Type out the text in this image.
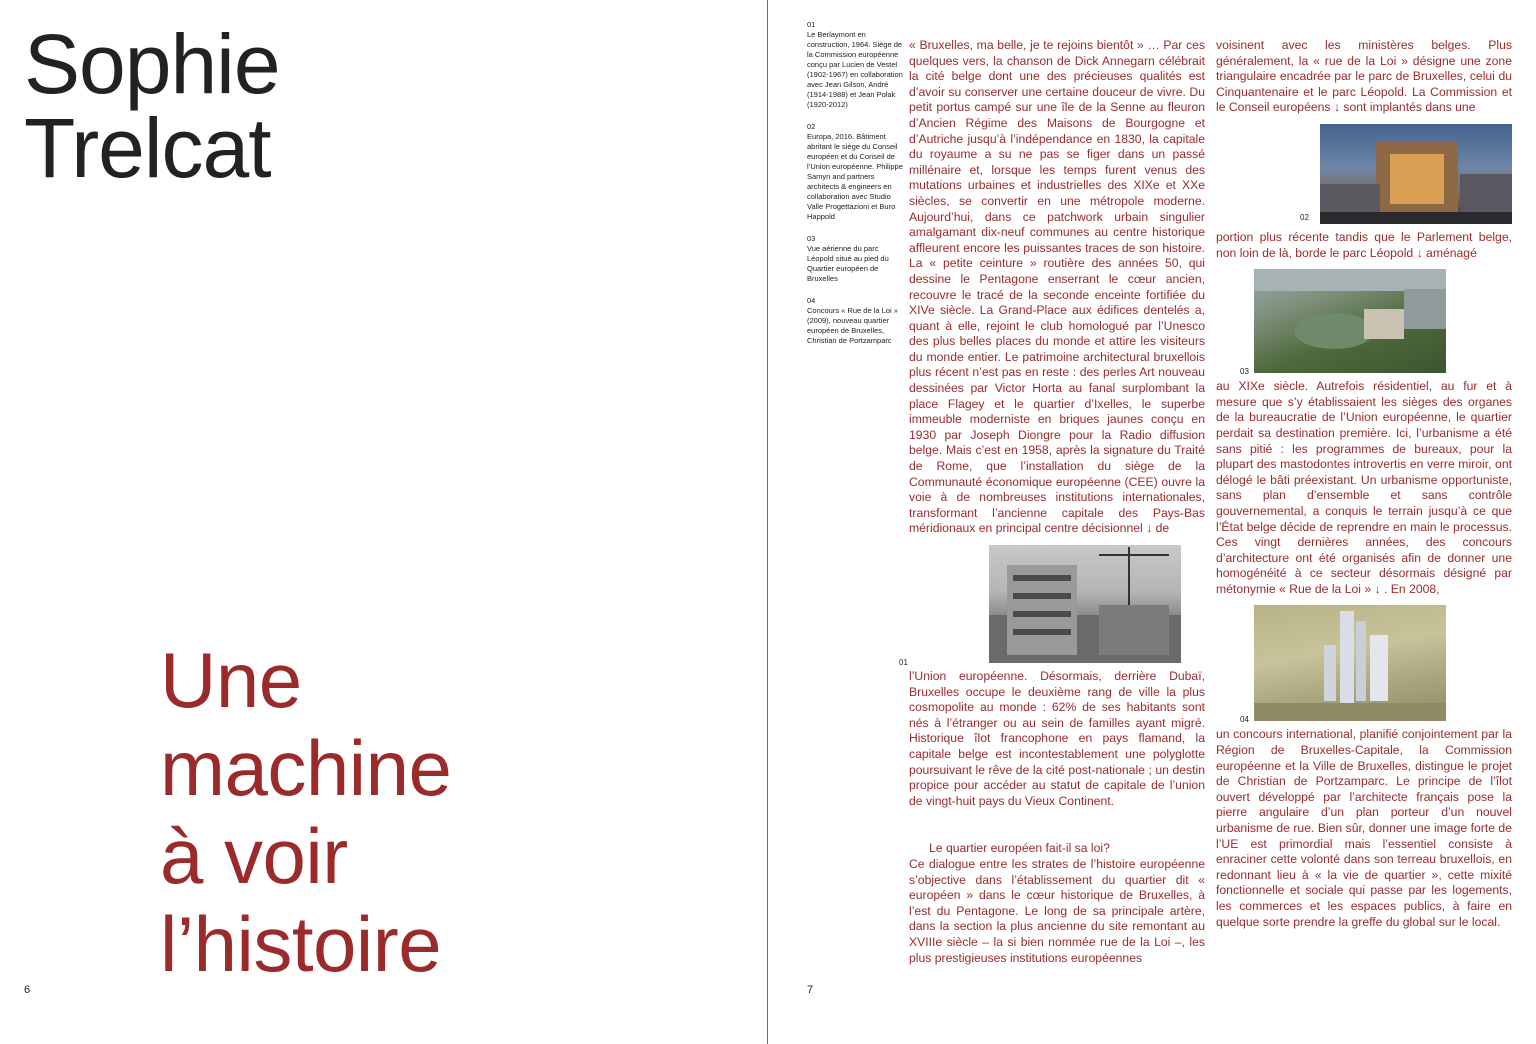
Sophie Trelcat
Une
machine
à voir
l’histoire
6
01
Le Berlaymont en construction, 1964. Siège de la Commission européenne conçu par Lucien de Vestel (1902-1967) en collaboration avec Jean Gilson, André (1914-1988) et Jean Polak (1920-2012)
02
Europa, 2016. Bâtiment abritant le siège du Conseil européen et du Conseil de l’Union européenne. Philippe Samyn and partners architects & engineers en collaboration avec Studio Valle Progettazioni et Buro Happold
03
Vue aérienne du parc Léopold situé au pied du Quartier européen de Bruxelles
04
Concours « Rue de la Loi » (2009), nouveau quartier européen de Bruxelles, Christian de Portzamparc

« Bruxelles, ma belle, je te rejoins bientôt » … Par ces quelques vers, la chanson de Dick Annegarn célébrait la cité belge dont une des précieuses qualités est d’avoir su conserver une certaine douceur de vivre. Du petit portus campé sur une île de la Senne au fleuron d’Ancien Régime des Maisons de Bourgogne et d’Autriche jusqu’à l’indépendance en 1830, la capitale du royaume a su ne pas se figer dans un passé millénaire et, lorsque les temps furent venus des mutations urbaines et industrielles des XIXe et XXe siècles, se convertir en une métropole moderne. Aujourd’hui, dans ce patchwork urbain singulier amalgamant dix-neuf communes au centre historique affleurent encore les puissantes traces de son histoire. La « petite ceinture » routière des années 50, qui dessine le Pentagone enserrant le cœur ancien, recouvre le tracé de la seconde enceinte fortifiée du XIVe siècle. La Grand-Place aux édifices dentelés a, quant à elle, rejoint le club homologué par l’Unesco des plus belles places du monde et attire les visiteurs du monde entier. Le patrimoine architectural bruxellois plus récent n’est pas en reste : des perles Art nouveau dessinées par Victor Horta au fanal surplombant la place Flagey et le quartier d’Ixelles, le superbe immeuble moderniste en briques jaunes conçu en 1930 par Joseph Diongre pour la Radio diffusion belge. Mais c’est en 1958, après la signature du Traité de Rome, que l’installation du siège de la Communauté économique européenne (CEE) ouvre la voie à de nombreuses institutions internationales, transformant l’ancienne capitale des Pays-Bas méridionaux en principal centre décisionnel ↓ de

01

l’Union européenne. Désormais, derrière Dubaï, Bruxelles occupe le deuxième rang de ville la plus cosmopolite au monde : 62% de ses habitants sont nés à l’étranger ou au sein de familles ayant migré. Historique îlot francophone en pays flamand, la capitale belge est incontestablement une polyglotte poursuivant le rêve de la cité post-nationale ; un destin propice pour accéder au statut de capitale de l’union de vingt-huit pays du Vieux Continent.

Le quartier européen fait-il sa loi?

Ce dialogue entre les strates de l’histoire européenne s’objective dans l’établissement du quartier dit « européen » dans le cœur historique de Bruxelles, à l’est du Pentagone. Le long de sa principale artère, dans la section la plus ancienne du site remontant au XVIIIe siècle – la si bien nommée rue de la Loi –, les plus prestigieuses institutions européennes

voisinent avec les ministères belges. Plus généralement, la « rue de la Loi » désigne une zone triangulaire encadrée par le parc de Bruxelles, celui du Cinquantenaire et le parc Léopold. La Commission et le Conseil européens ↓ sont implantés dans une

02

portion plus récente tandis que le Parlement belge, non loin de là, borde le parc Léopold ↓ aménagé

03

au XIXe siècle. Autrefois résidentiel, au fur et à mesure que s’y établissaient les sièges des organes de la bureaucratie de l’Union européenne, le quartier perdait sa destination première. Ici, l’urbanisme a été sans pitié : les programmes de bureaux, pour la plupart des mastodontes introvertis en verre miroir, ont délogé le bâti préexistant. Un urbanisme opportuniste, sans plan d’ensemble et sans contrôle gouvernemental, a conquis le terrain jusqu’à ce que l’État belge décide de reprendre en main le processus. Ces vingt dernières années, des concours d’architecture ont été organisés afin de donner une homogénéité à ce secteur désormais désigné par métonymie « Rue de la Loi » ↓ . En 2008,

04

un concours international, planifié conjointement par la Région de Bruxelles-Capitale, la Commission européenne et la Ville de Bruxelles, distingue le projet de Christian de Portzamparc. Le principe de l’îlot ouvert développé par l’architecte français pose la pierre angulaire d’un plan porteur d’un nouvel urbanisme de rue. Bien sûr, donner une image forte de l’UE est primordial mais l’essentiel consiste à enraciner cette volonté dans son terreau bruxellois, en redonnant lieu à « la vie de quartier », cette mixité fonctionnelle et sociale qui passe par les logements, les commerces et les espaces publics, à faire en quelque sorte prendre la greffe du global sur le local.

7
